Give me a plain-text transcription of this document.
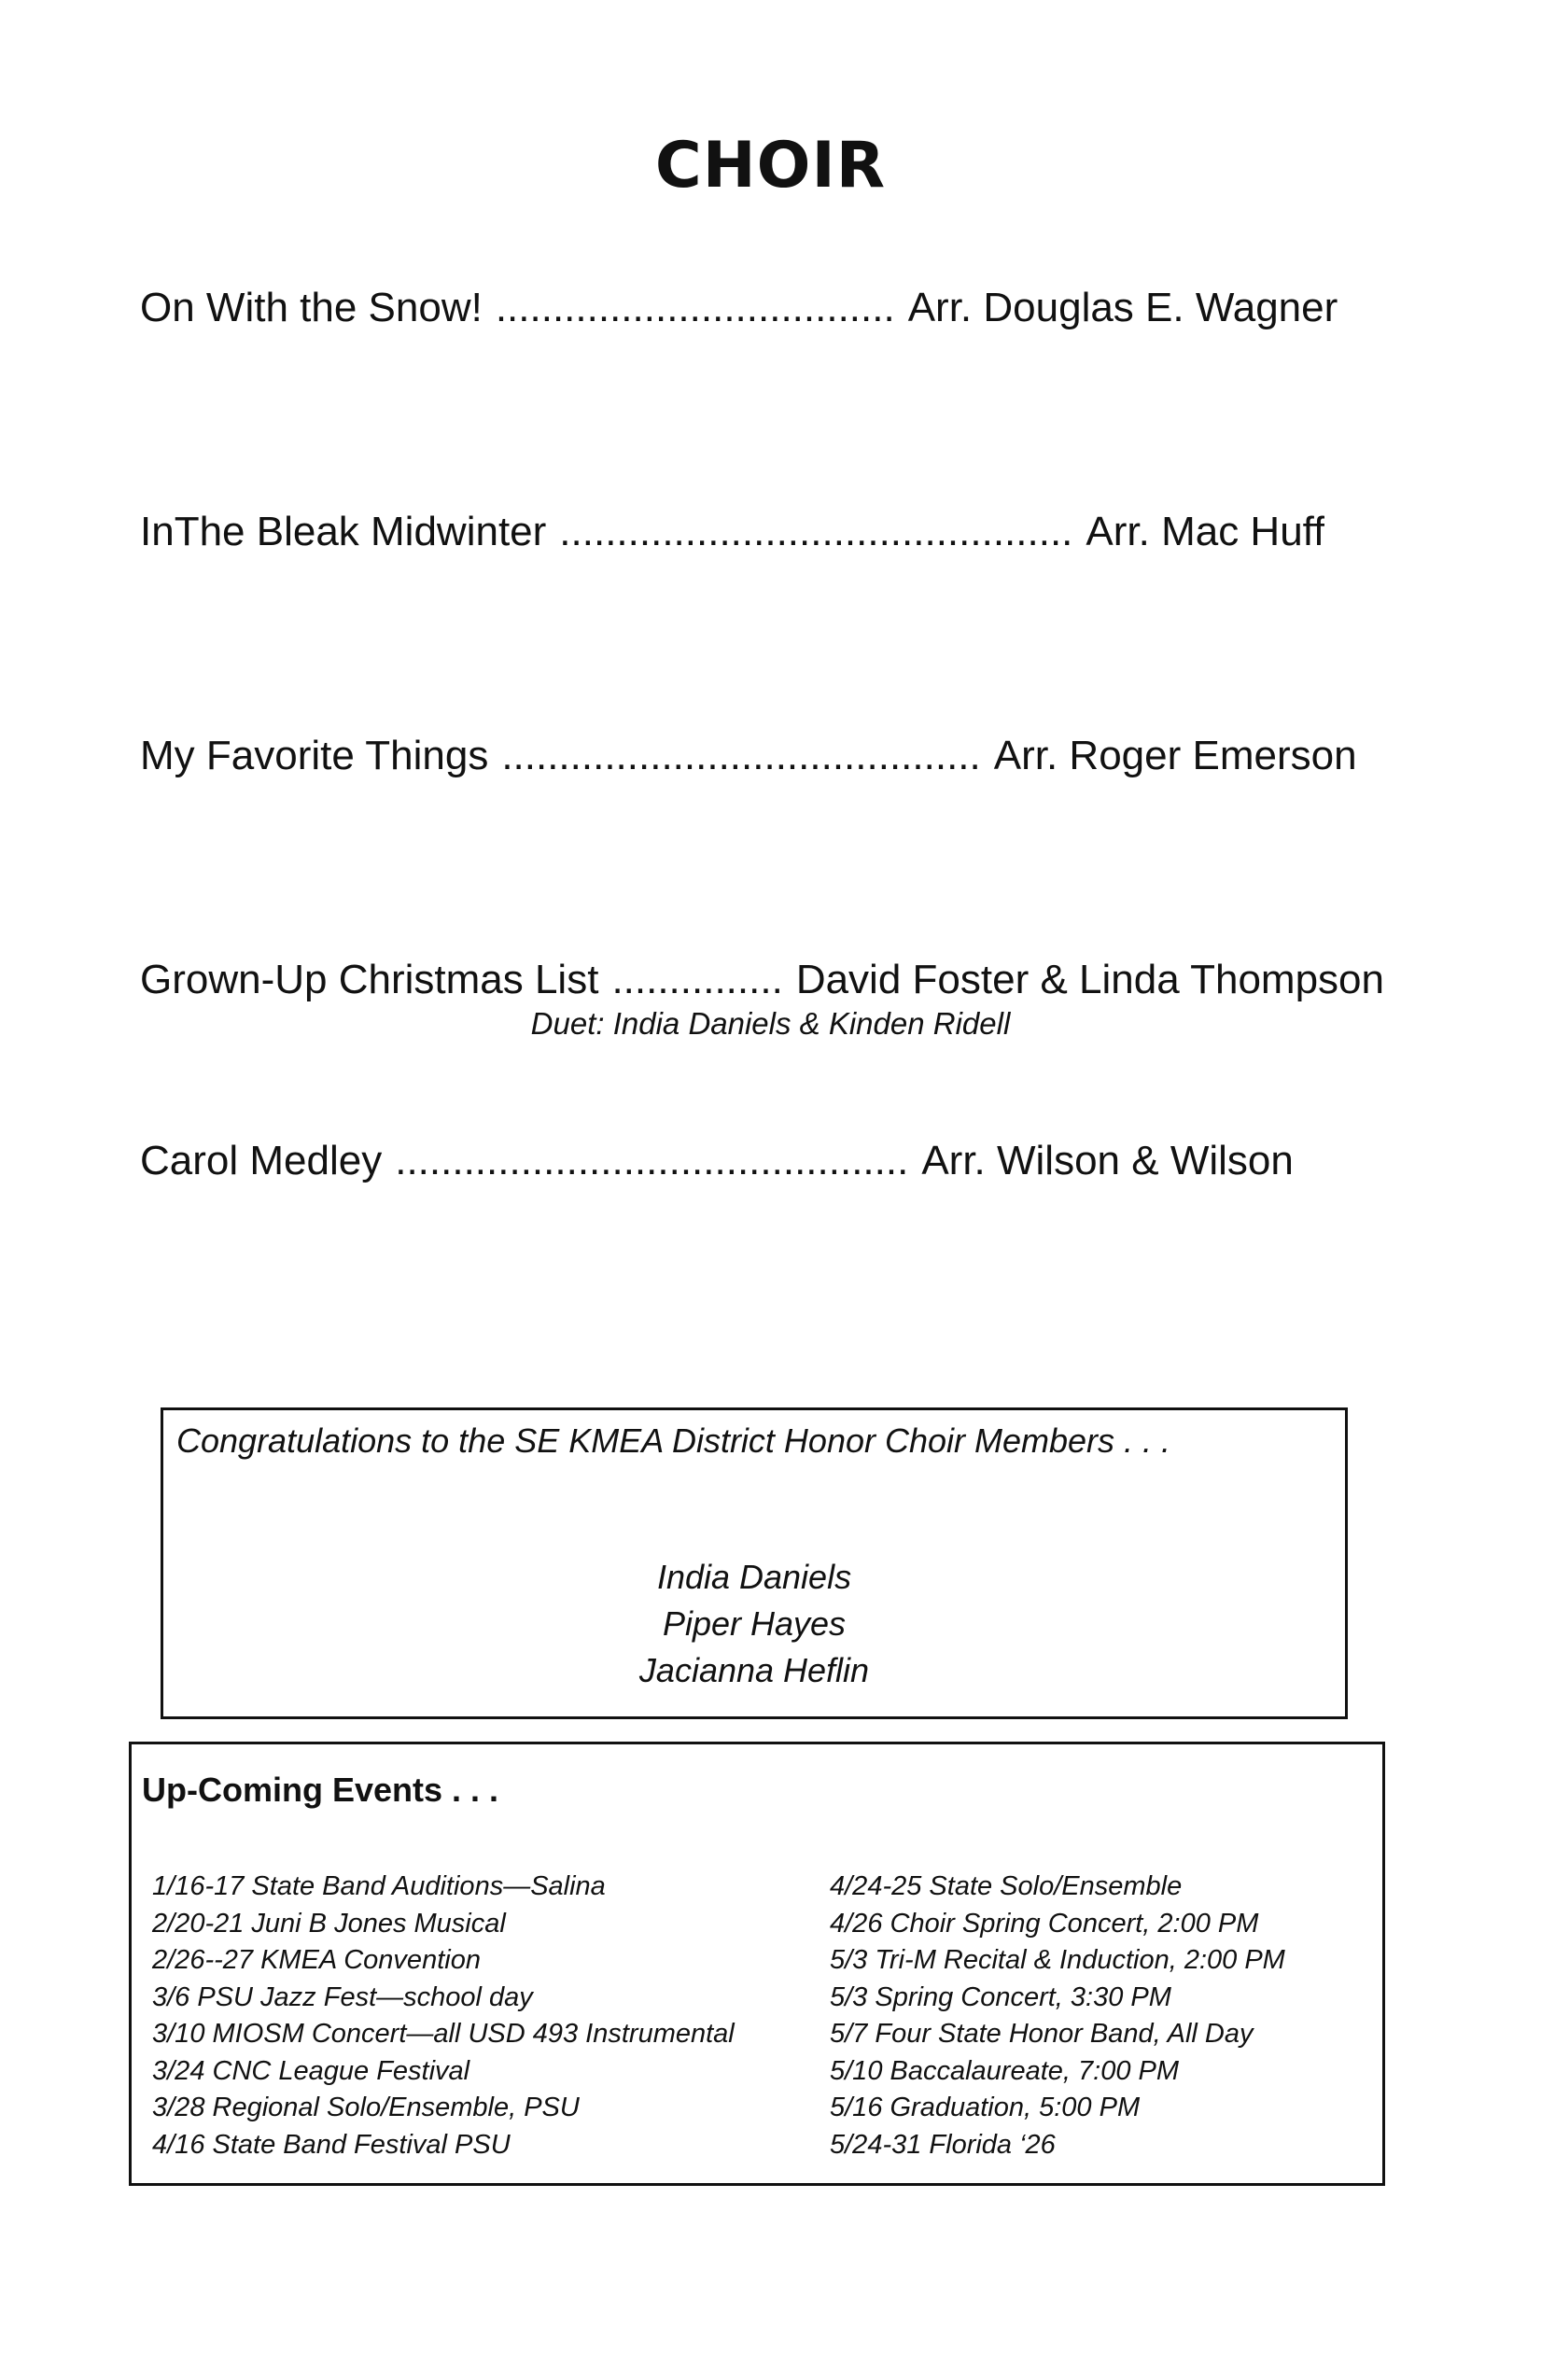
CHOIR
On With the Snow! ................................... Arr. Douglas E. Wagner
InThe Bleak Midwinter ............................................. Arr. Mac Huff
My Favorite Things .......................................... Arr. Roger Emerson
Grown-Up Christmas List ............... David Foster & Linda Thompson
Duet: India Daniels & Kinden Ridell
Carol Medley ............................................. Arr. Wilson & Wilson
Congratulations to the SE KMEA District Honor Choir Members . . .
India Daniels
Piper Hayes
Jacianna Heflin
Up-Coming Events . . .
1/16-17 State Band Auditions—Salina
2/20-21 Juni B Jones Musical
2/26--27 KMEA Convention
3/6 PSU Jazz Fest—school day
3/10 MIOSM Concert—all USD 493 Instrumental
3/24 CNC League Festival
3/28 Regional Solo/Ensemble, PSU
4/16 State Band Festival PSU
4/24-25 State Solo/Ensemble
4/26 Choir Spring Concert, 2:00 PM
5/3 Tri-M Recital & Induction, 2:00 PM
5/3 Spring Concert, 3:30 PM
5/7 Four State Honor Band, All Day
5/10 Baccalaureate, 7:00 PM
5/16 Graduation, 5:00 PM
5/24-31 Florida ‘26
